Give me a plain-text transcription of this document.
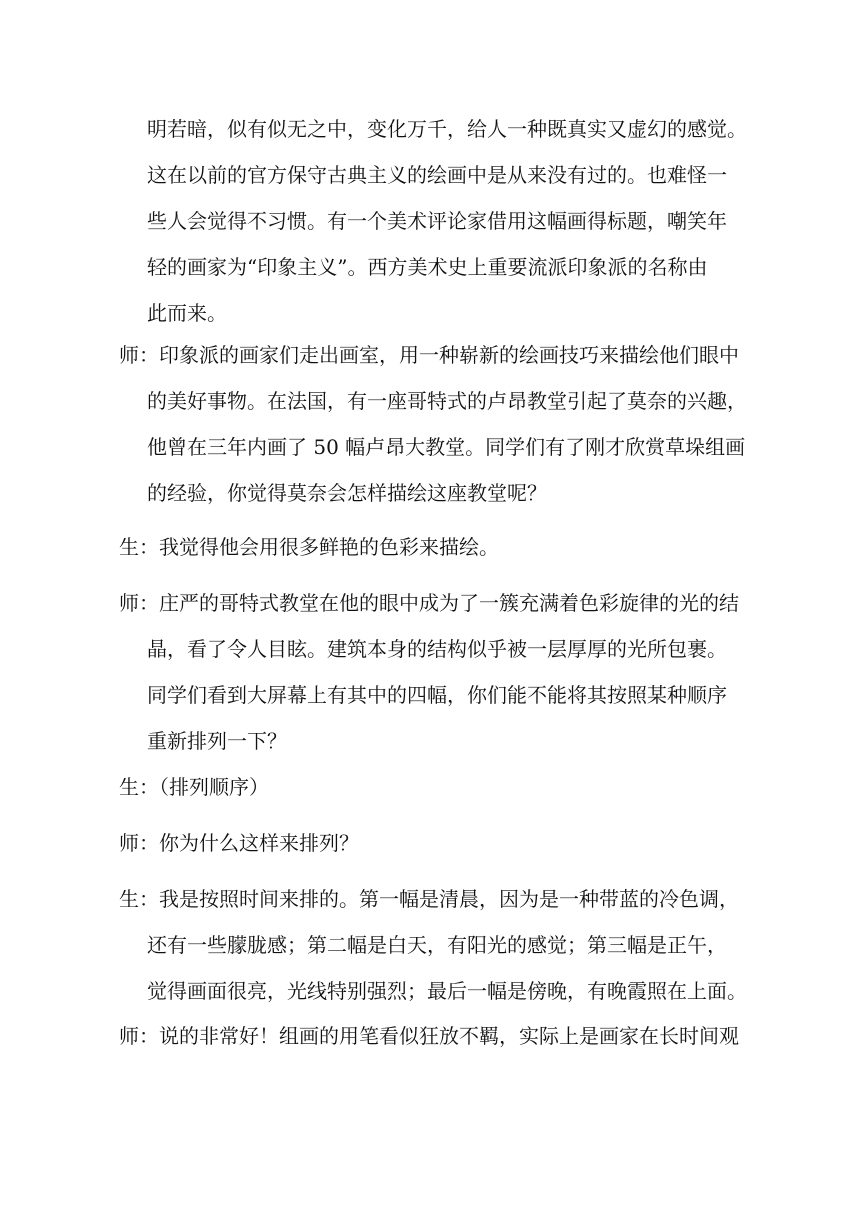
明若暗，似有似无之中，变化万千，给人一种既真实又虚幻的感觉。
这在以前的官方保守古典主义的绘画中是从来没有过的。也难怪一
些人会觉得不习惯。有一个美术评论家借用这幅画得标题，嘲笑年
轻的画家为“印象主义”。西方美术史上重要流派印象派的名称由
此而来。
师：印象派的画家们走出画室，用一种崭新的绘画技巧来描绘他们眼中
的美好事物。在法国，有一座哥特式的卢昂教堂引起了莫奈的兴趣，
他曾在三年内画了 50 幅卢昂大教堂。同学们有了刚才欣赏草垛组画
的经验，你觉得莫奈会怎样描绘这座教堂呢？
生：我觉得他会用很多鲜艳的色彩来描绘。
师：庄严的哥特式教堂在他的眼中成为了一簇充满着色彩旋律的光的结
晶，看了令人目眩。建筑本身的结构似乎被一层厚厚的光所包裹。
同学们看到大屏幕上有其中的四幅，你们能不能将其按照某种顺序
重新排列一下？
生：（排列顺序）
师：你为什么这样来排列？
生：我是按照时间来排的。第一幅是清晨，因为是一种带蓝的冷色调，
还有一些朦胧感；第二幅是白天，有阳光的感觉；第三幅是正午，
觉得画面很亮，光线特别强烈；最后一幅是傍晚，有晚霞照在上面。
师：说的非常好！组画的用笔看似狂放不羁，实际上是画家在长时间观
